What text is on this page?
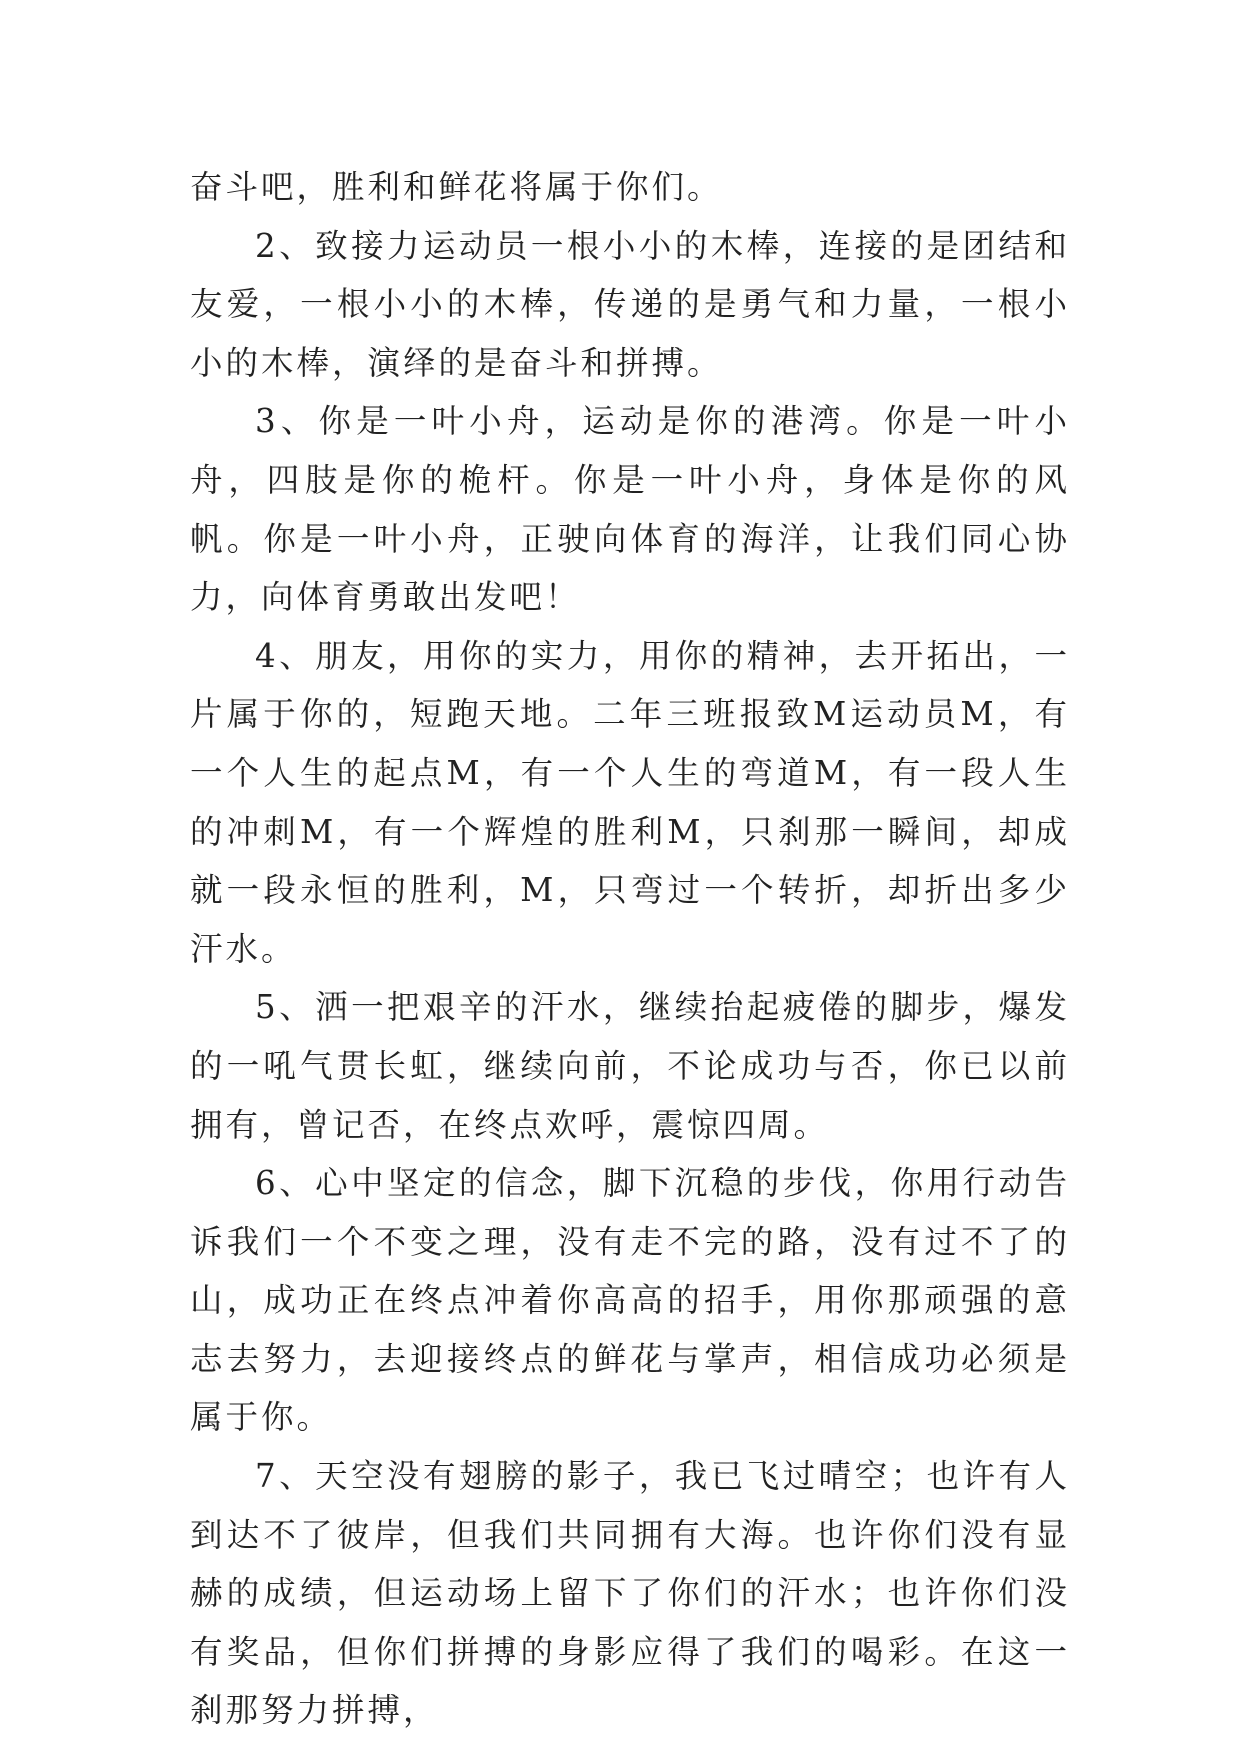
奋斗吧，胜利和鲜花将属于你们。

2、致接力运动员一根小小的木棒，连接的是团结和友爱，一根小小的木棒，传递的是勇气和力量，一根小小的木棒，演绎的是奋斗和拼搏。

3、你是一叶小舟，运动是你的港湾。你是一叶小舟，四肢是你的桅杆。你是一叶小舟，身体是你的风帆。你是一叶小舟，正驶向体育的海洋，让我们同心协力，向体育勇敢出发吧！

4、朋友，用你的实力，用你的精神，去开拓出，一片属于你的，短跑天地。二年三班报致M运动员M，有一个人生的起点M，有一个人生的弯道M，有一段人生的冲刺M，有一个辉煌的胜利M，只刹那一瞬间，却成就一段永恒的胜利，M，只弯过一个转折，却折出多少汗水。

5、洒一把艰辛的汗水，继续抬起疲倦的脚步，爆发的一吼气贯长虹，继续向前，不论成功与否，你已以前拥有，曾记否，在终点欢呼，震惊四周。

6、心中坚定的信念，脚下沉稳的步伐，你用行动告诉我们一个不变之理，没有走不完的路，没有过不了的山，成功正在终点冲着你高高的招手，用你那顽强的意志去努力，去迎接终点的鲜花与掌声，相信成功必须是属于你。

7、天空没有翅膀的影子，我已飞过晴空；也许有人到达不了彼岸，但我们共同拥有大海。也许你们没有显赫的成绩，但运动场上留下了你们的汗水；也许你们没有奖品，但你们拼搏的身影应得了我们的喝彩。在这一刹那努力拼搏，
